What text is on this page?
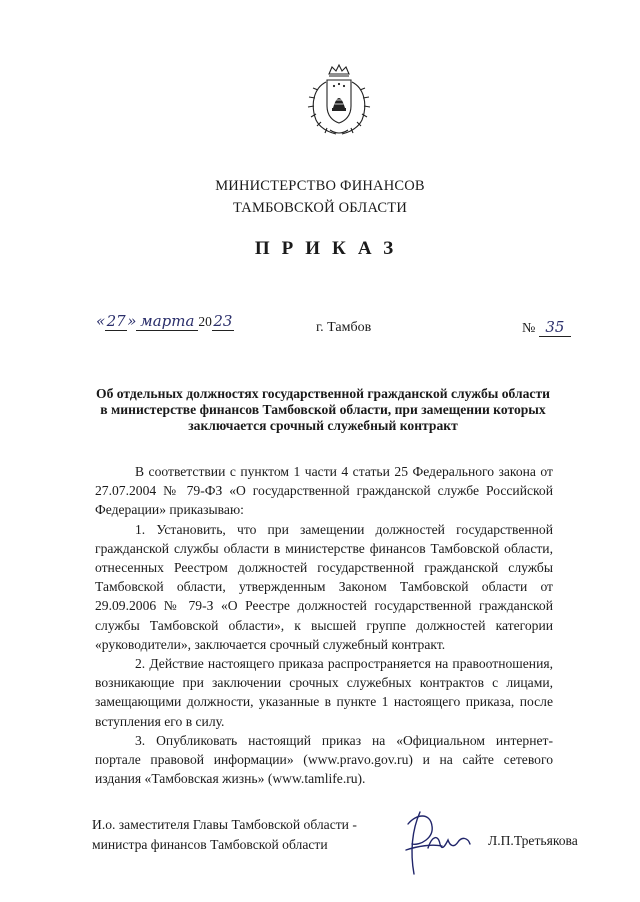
МИНИСТЕРСТВО ФИНАНСОВ
ТАМБОВСКОЙ ОБЛАСТИ
ПРИКАЗ
«27» марта 2023	г. Тамбов	№ 35
Об отдельных должностях государственной гражданской службы области в министерстве финансов Тамбовской области, при замещении которых заключается срочный служебный контракт

В соответствии с пунктом 1 части 4 статьи 25 Федерального закона от 27.07.2004 № 79-ФЗ «О государственной гражданской службе Российской Федерации» приказываю:

1. Установить, что при замещении должностей государственной гражданской службы области в министерстве финансов Тамбовской области, отнесенных Реестром должностей государственной гражданской службы Тамбовской области, утвержденным Законом Тамбовской области от 29.09.2006 № 79-З «О Реестре должностей государственной гражданской службы Тамбовской области», к высшей группе должностей категории «руководители», заключается срочный служебный контракт.

2. Действие настоящего приказа распространяется на правоотношения, возникающие при заключении срочных служебных контрактов с лицами, замещающими должности, указанные в пункте 1 настоящего приказа, после вступления его в силу.

3. Опубликовать настоящий приказ на «Официальном интернет-портале правовой информации» (www.pravo.gov.ru) и на сайте сетевого издания «Тамбовская жизнь» (www.tamlife.ru).

И.о. заместителя Главы Тамбовской области -
министра финансов Тамбовской области	Л.П.Третьякова
